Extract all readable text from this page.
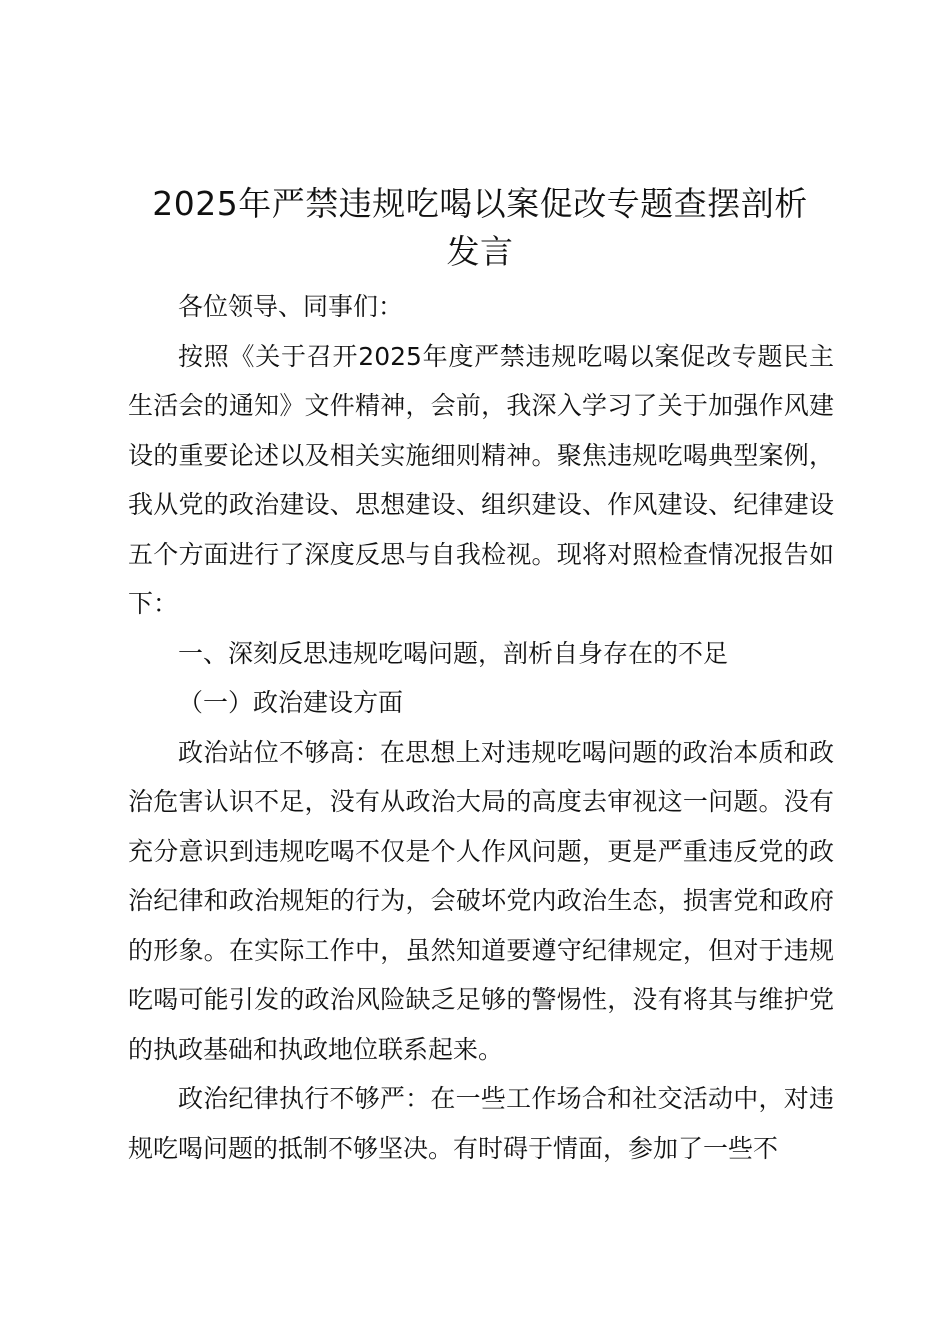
2025年严禁违规吃喝以案促改专题查摆剖析
发言

各位领导、同事们：

按照《关于召开2025年度严禁违规吃喝以案促改专题民主生活会的通知》文件精神，会前，我深入学习了关于加强作风建设的重要论述以及相关实施细则精神。聚焦违规吃喝典型案例，我从党的政治建设、思想建设、组织建设、作风建设、纪律建设五个方面进行了深度反思与自我检视。现将对照检查情况报告如下：

一、深刻反思违规吃喝问题，剖析自身存在的不足

（一）政治建设方面

政治站位不够高：在思想上对违规吃喝问题的政治本质和政治危害认识不足，没有从政治大局的高度去审视这一问题。没有充分意识到违规吃喝不仅是个人作风问题，更是严重违反党的政治纪律和政治规矩的行为，会破坏党内政治生态，损害党和政府的形象。在实际工作中，虽然知道要遵守纪律规定，但对于违规吃喝可能引发的政治风险缺乏足够的警惕性，没有将其与维护党的执政基础和执政地位联系起来。

政治纪律执行不够严：在一些工作场合和社交活动中，对违规吃喝问题的抵制不够坚决。有时碍于情面，参加了一些不
